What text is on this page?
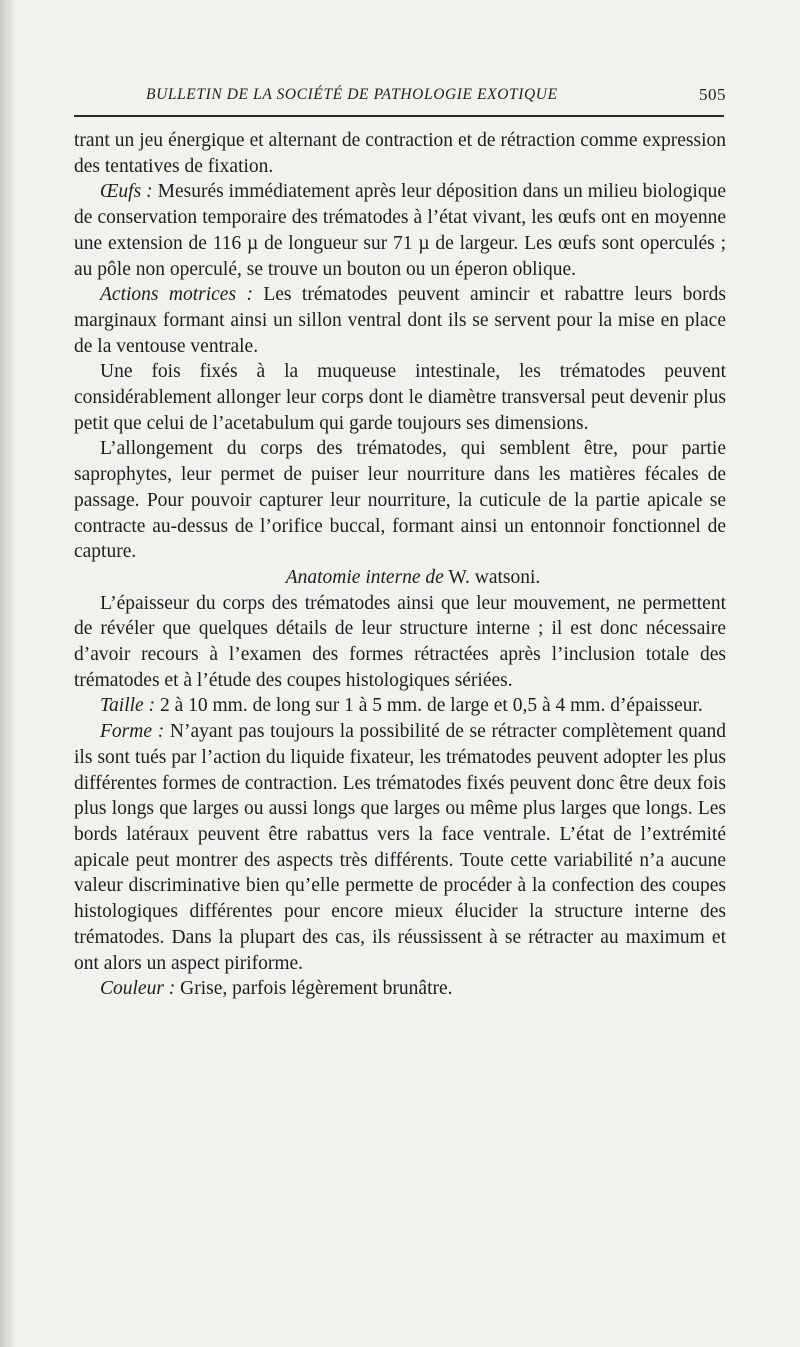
BULLETIN DE LA SOCIÉTÉ DE PATHOLOGIE EXOTIQUE	505

trant un jeu énergique et alternant de contraction et de rétraction comme expression des tentatives de fixation.

Œufs : Mesurés immédiatement après leur déposition dans un milieu biologique de conservation temporaire des trématodes à l’état vivant, les œufs ont en moyenne une extension de 116 µ de longueur sur 71 µ de largeur. Les œufs sont operculés ; au pôle non operculé, se trouve un bouton ou un éperon oblique.

Actions motrices : Les trématodes peuvent amincir et rabattre leurs bords marginaux formant ainsi un sillon ventral dont ils se servent pour la mise en place de la ventouse ventrale.

Une fois fixés à la muqueuse intestinale, les trématodes peuvent considérablement allonger leur corps dont le diamètre transversal peut devenir plus petit que celui de l’acetabulum qui garde toujours ses dimensions.

L’allongement du corps des trématodes, qui semblent être, pour partie saprophytes, leur permet de puiser leur nourriture dans les matières fécales de passage. Pour pouvoir capturer leur nourriture, la cuticule de la partie apicale se contracte au-dessus de l’orifice buccal, formant ainsi un entonnoir fonctionnel de capture.

Anatomie interne de W. watsoni.

L’épaisseur du corps des trématodes ainsi que leur mouvement, ne permettent de révéler que quelques détails de leur structure interne ; il est donc nécessaire d’avoir recours à l’examen des formes rétractées après l’inclusion totale des trématodes et à l’étude des coupes histologiques sériées.

Taille : 2 à 10 mm. de long sur 1 à 5 mm. de large et 0,5 à 4 mm. d’épaisseur.

Forme : N’ayant pas toujours la possibilité de se rétracter complètement quand ils sont tués par l’action du liquide fixateur, les trématodes peuvent adopter les plus différentes formes de contraction. Les trématodes fixés peuvent donc être deux fois plus longs que larges ou aussi longs que larges ou même plus larges que longs. Les bords latéraux peuvent être rabattus vers la face ventrale. L’état de l’extrémité apicale peut montrer des aspects très différents. Toute cette variabilité n’a aucune valeur discriminative bien qu’elle permette de procéder à la confection des coupes histologiques différentes pour encore mieux élucider la structure interne des trématodes. Dans la plupart des cas, ils réussissent à se rétracter au maximum et ont alors un aspect piriforme.

Couleur : Grise, parfois légèrement brunâtre.
